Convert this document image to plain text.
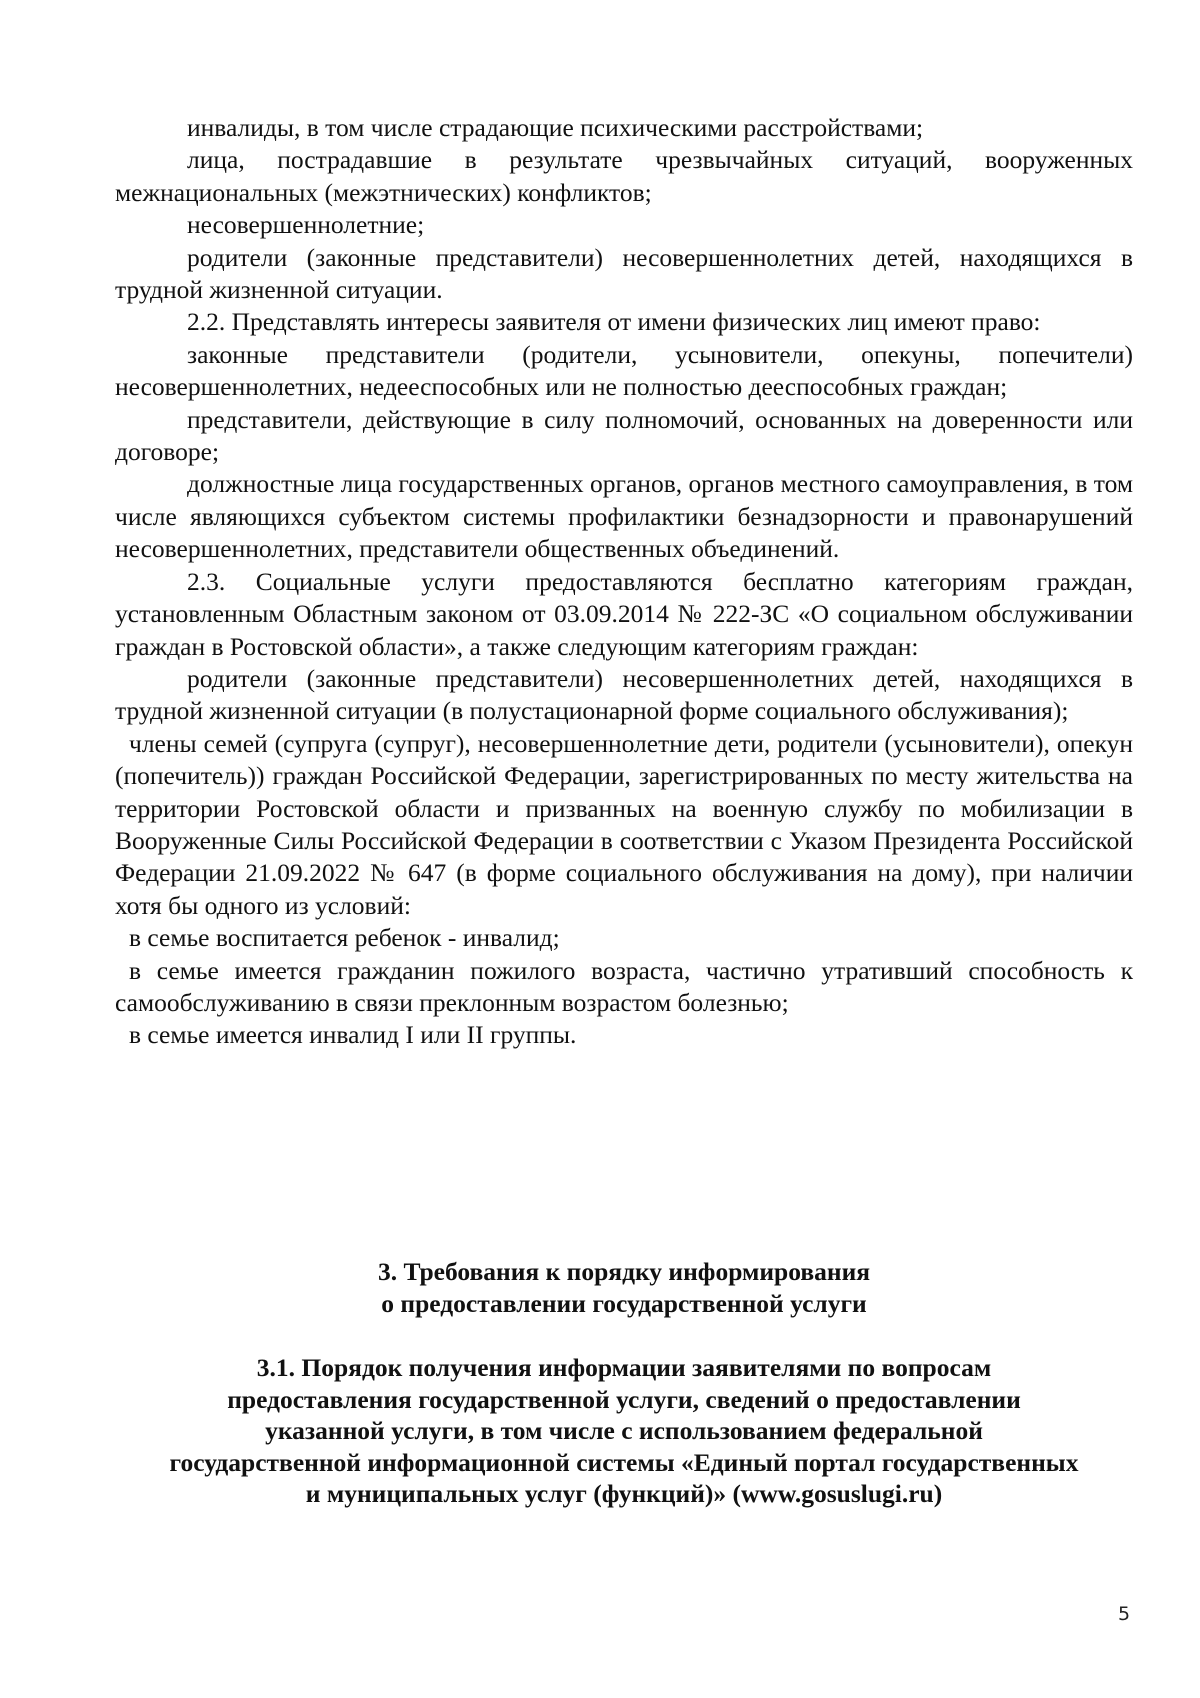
инвалиды, в том числе страдающие психическими расстройствами;

лица, пострадавшие в результате чрезвычайных ситуаций, вооруженных межнациональных (межэтнических) конфликтов;

несовершеннолетние;

родители (законные представители) несовершеннолетних детей, находящихся в трудной жизненной ситуации.

2.2. Представлять интересы заявителя от имени физических лиц имеют право:

законные представители (родители, усыновители, опекуны, попечители) несовершеннолетних, недееспособных или не полностью дееспособных граждан;

представители, действующие в силу полномочий, основанных на доверенности или договоре;

должностные лица государственных органов, органов местного самоуправления, в том числе являющихся субъектом системы профилактики безнадзорности и правонарушений несовершеннолетних, представители общественных объединений.

2.3. Социальные услуги предоставляются бесплатно категориям граждан, установленным Областным законом от 03.09.2014 № 222-ЗС «О социальном обслуживании граждан в Ростовской области», а также следующим категориям граждан:

родители (законные представители) несовершеннолетних детей, находящихся в трудной жизненной ситуации (в полустационарной форме социального обслуживания);

члены семей (супруга (супруг), несовершеннолетние дети, родители (усыновители), опекун (попечитель)) граждан Российской Федерации, зарегистрированных по месту жительства на территории Ростовской области и призванных на военную службу по мобилизации в Вооруженные Силы Российской Федерации в соответствии с Указом Президента Российской Федерации 21.09.2022 № 647 (в форме социального обслуживания на дому), при наличии хотя бы одного из условий:

в семье воспитается ребенок - инвалид;

в семье имеется гражданин пожилого возраста, частично утративший способность к самообслуживанию в связи преклонным возрастом болезнью;

в семье имеется инвалид I или II группы.

3. Требования к порядку информирования
о предоставлении государственной услуги
3.1. Порядок получения информации заявителями по вопросам
предоставления государственной услуги, сведений о предоставлении
указанной услуги, в том числе с использованием федеральной
государственной информационной системы «Единый портал государственных
и муниципальных услуг (функций)» (www.gosuslugi.ru)
5
